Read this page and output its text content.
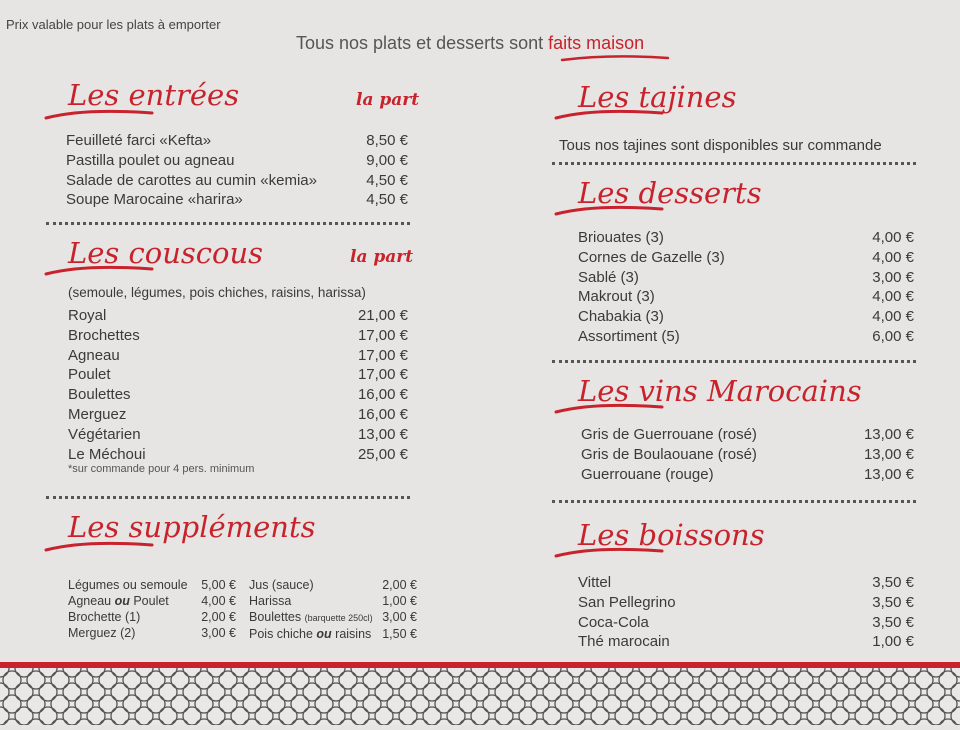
Prix valable pour les plats à emporter
Tous nos plats et desserts sont faits maison
Les entrées	la part
Feuilleté farci «Kefta»	8,50 €
Pastilla poulet ou agneau	9,00 €
Salade de carottes au cumin «kemia»	4,50 €
Soupe Marocaine «harira»	4,50 €
Les couscous	la part
(semoule, légumes, pois chiches, raisins, harissa)
Royal	21,00 €
Brochettes	17,00 €
Agneau	17,00 €
Poulet	17,00 €
Boulettes	16,00 €
Merguez	16,00 €
Végétarien	13,00 €
Le Méchoui	25,00 €
*sur commande pour 4 pers. minimum
Les suppléments
Légumes ou semoule	5,00 €
Agneau ou Poulet	4,00 €
Brochette (1)	2,00 €
Merguez (2)	3,00 €
Jus (sauce)	2,00 €
Harissa	1,00 €
Boulettes (barquette 250cl) 3,00 €
Pois chiche ou raisins 1,50 €
Les tajines
Tous nos tajines sont disponibles sur commande
Les desserts
Briouates (3)	4,00 €
Cornes de Gazelle (3)	4,00 €
Sablé (3)	3,00 €
Makrout (3)	4,00 €
Chabakia (3)	4,00 €
Assortiment (5)	6,00 €
Les vins Marocains
Gris de Guerrouane (rosé)	13,00 €
Gris de Boulaouane (rosé)	13,00 €
Guerrouane (rouge)	13,00 €
Les boissons
Vittel	3,50 €
San Pellegrino	3,50 €
Coca-Cola	3,50 €
Thé marocain	1,00 €
